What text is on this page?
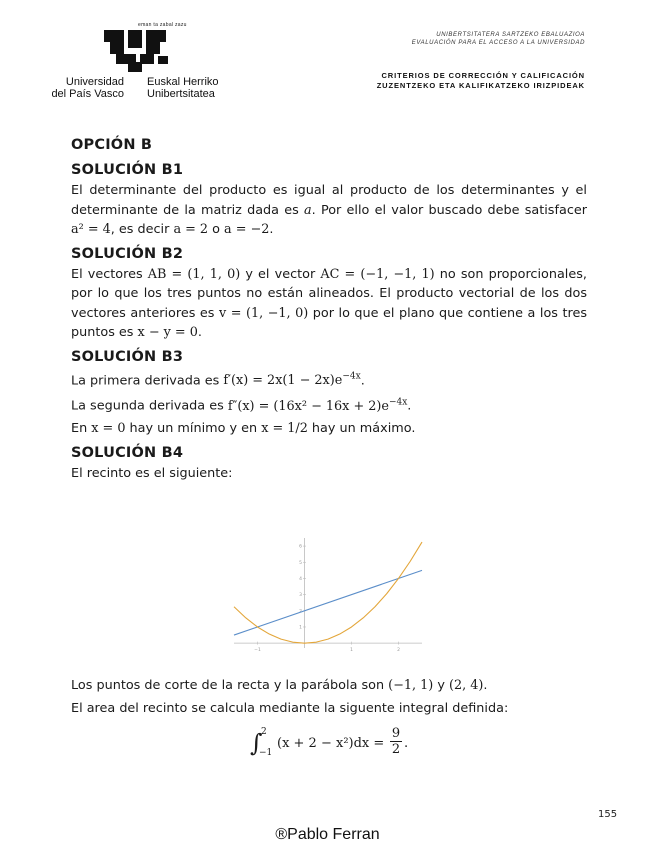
eman ta zabal zazu
Universidad
del País Vasco
Euskal Herriko
Unibertsitatea
UNIBERTSITATERA SARTZEKO EBALUAZIOA
EVALUACIÓN PARA EL ACCESO A LA UNIVERSIDAD
CRITERIOS DE CORRECCIÓN Y CALIFICACIÓN
ZUZENTZEKO ETA KALIFIKATZEKO IRIZPIDEAK
OPCIÓN B
SOLUCIÓN B1

El determinante del producto es igual al producto de los determinantes y el determinante de la matriz dada es a. Por ello el valor buscado debe satisfacer a² = 4, es decir a = 2 o a = −2.

SOLUCIÓN B2

El vectores AB = (1, 1, 0) y el vector AC = (−1, −1, 1) no son proporcionales, por lo que los tres puntos no están alineados. El producto vectorial de los dos vectores anteriores es v = (1, −1, 0) por lo que el plano que contiene a los tres puntos es x − y = 0.

SOLUCIÓN B3

La primera derivada es $f'(x) = 2x(1 - 2x)e^{-4x}$.

La segunda derivada es $f''(x) = (16x^2 - 16x + 2)e^{-4x}$.

En x = 0 hay un mínimo y en x = 1/2 hay un máximo.

SOLUCIÓN B4

El recinto es el siguiente:

−1	1	2
1
2
3
4
5
6

Los puntos de corte de la recta y la parábola son (−1, 1) y (2, 4).

El area del recinto se calcula mediante la siguente integral definida:

∫
2
−1
(x + 2 − x²)dx =
9
2 .
155
®Pablo Ferran
